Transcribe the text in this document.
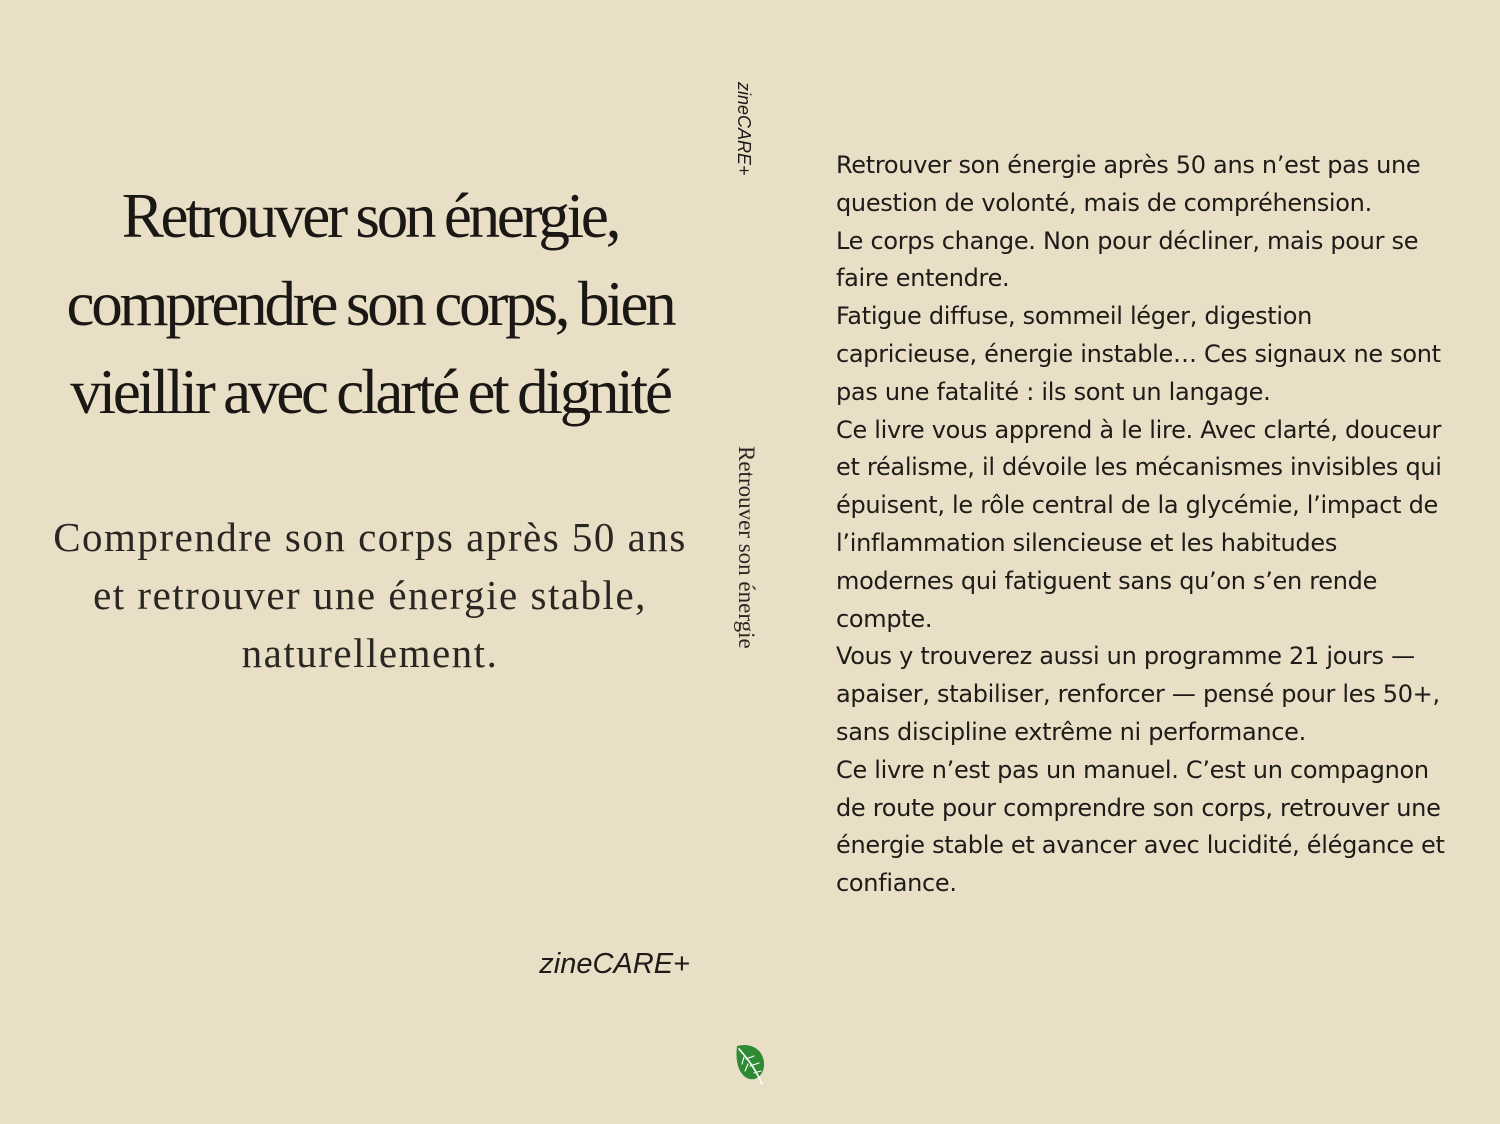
Retrouver son énergie, comprendre son corps, bien vieillir avec clarté et dignité

Comprendre son corps après 50 ans et retrouver une énergie stable, naturellement.

zineCARE+
zineCARE+
Retrouver son énergie

Retrouver son énergie après 50 ans n’est pas une question de volonté, mais de compréhension.

Le corps change. Non pour décliner, mais pour se faire entendre.

Fatigue diffuse, sommeil léger, digestion capricieuse, énergie instable… Ces signaux ne sont pas une fatalité : ils sont un langage.

Ce livre vous apprend à le lire. Avec clarté, douceur et réalisme, il dévoile les mécanismes invisibles qui épuisent, le rôle central de la glycémie, l’impact de l’inflammation silencieuse et les habitudes modernes qui fatiguent sans qu’on s’en rende compte.

Vous y trouverez aussi un programme 21 jours — apaiser, stabiliser, renforcer — pensé pour les 50+, sans discipline extrême ni performance.

Ce livre n’est pas un manuel. C’est un compagnon de route pour comprendre son corps, retrouver une énergie stable et avancer avec lucidité, élégance et confiance.
